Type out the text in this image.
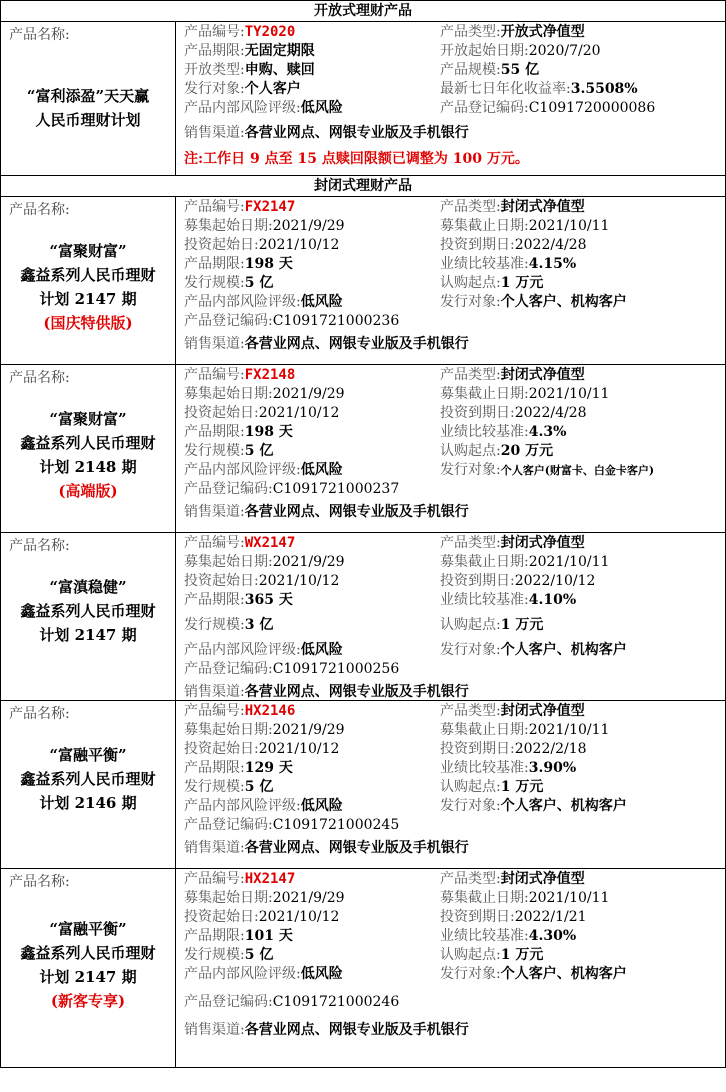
开放式理财产品
产品名称:
“富利添盈”天天赢
人民币理财计划
产品编号:TY2020	产品类型:开放式净值型
产品期限:无固定期限	开放起始日期:2020/7/20
开放类型:申购、赎回	产品规模:55 亿
发行对象:个人客户	最新七日年化收益率:3.5508%
产品内部风险评级:低风险	产品登记编码:C1091720000086
销售渠道:各营业网点、网银专业版及手机银行
注:工作日 9 点至 15 点赎回限额已调整为 100 万元。
封闭式理财产品
产品名称:
“富聚财富”
鑫益系列人民币理财
计划 2147 期
(国庆特供版)
产品编号:FX2147	产品类型:封闭式净值型
募集起始日期:2021/9/29	募集截止日期:2021/10/11
投资起始日:2021/10/12	投资到期日:2022/4/28
产品期限:198 天	业绩比较基准:4.15%
发行规模:5 亿	认购起点:1 万元
产品内部风险评级:低风险	发行对象:个人客户、机构客户
产品登记编码:C1091721000236
销售渠道:各营业网点、网银专业版及手机银行
产品名称:
“富聚财富”
鑫益系列人民币理财
计划 2148 期
(高端版)
产品编号:FX2148	产品类型:封闭式净值型
募集起始日期:2021/9/29	募集截止日期:2021/10/11
投资起始日:2021/10/12	投资到期日:2022/4/28
产品期限:198 天	业绩比较基准:4.3%
发行规模:5 亿	认购起点:20 万元
产品内部风险评级:低风险	发行对象:个人客户(财富卡、白金卡客户)
产品登记编码:C1091721000237
销售渠道:各营业网点、网银专业版及手机银行
产品名称:
“富滇稳健”
鑫益系列人民币理财
计划 2147 期
产品编号:WX2147	产品类型:封闭式净值型
募集起始日期:2021/9/29	募集截止日期:2021/10/11
投资起始日:2021/10/12	投资到期日:2022/10/12
产品期限:365 天	业绩比较基准:4.10%
发行规模:3 亿	认购起点:1 万元
产品内部风险评级:低风险	发行对象:个人客户、机构客户
产品登记编码:C1091721000256
销售渠道:各营业网点、网银专业版及手机银行
产品名称:
“富融平衡”
鑫益系列人民币理财
计划 2146 期
产品编号:HX2146	产品类型:封闭式净值型
募集起始日期:2021/9/29	募集截止日期:2021/10/11
投资起始日:2021/10/12	投资到期日:2022/2/18
产品期限:129 天	业绩比较基准:3.90%
发行规模:5 亿	认购起点:1 万元
产品内部风险评级:低风险	发行对象:个人客户、机构客户
产品登记编码:C1091721000245
销售渠道:各营业网点、网银专业版及手机银行
产品名称:
“富融平衡”
鑫益系列人民币理财
计划 2147 期
(新客专享)
产品编号:HX2147	产品类型:封闭式净值型
募集起始日期:2021/9/29	募集截止日期:2021/10/11
投资起始日:2021/10/12	投资到期日:2022/1/21
产品期限:101 天	业绩比较基准:4.30%
发行规模:5 亿	认购起点:1 万元
产品内部风险评级:低风险	发行对象:个人客户、机构客户
产品登记编码:C1091721000246
销售渠道:各营业网点、网银专业版及手机银行
